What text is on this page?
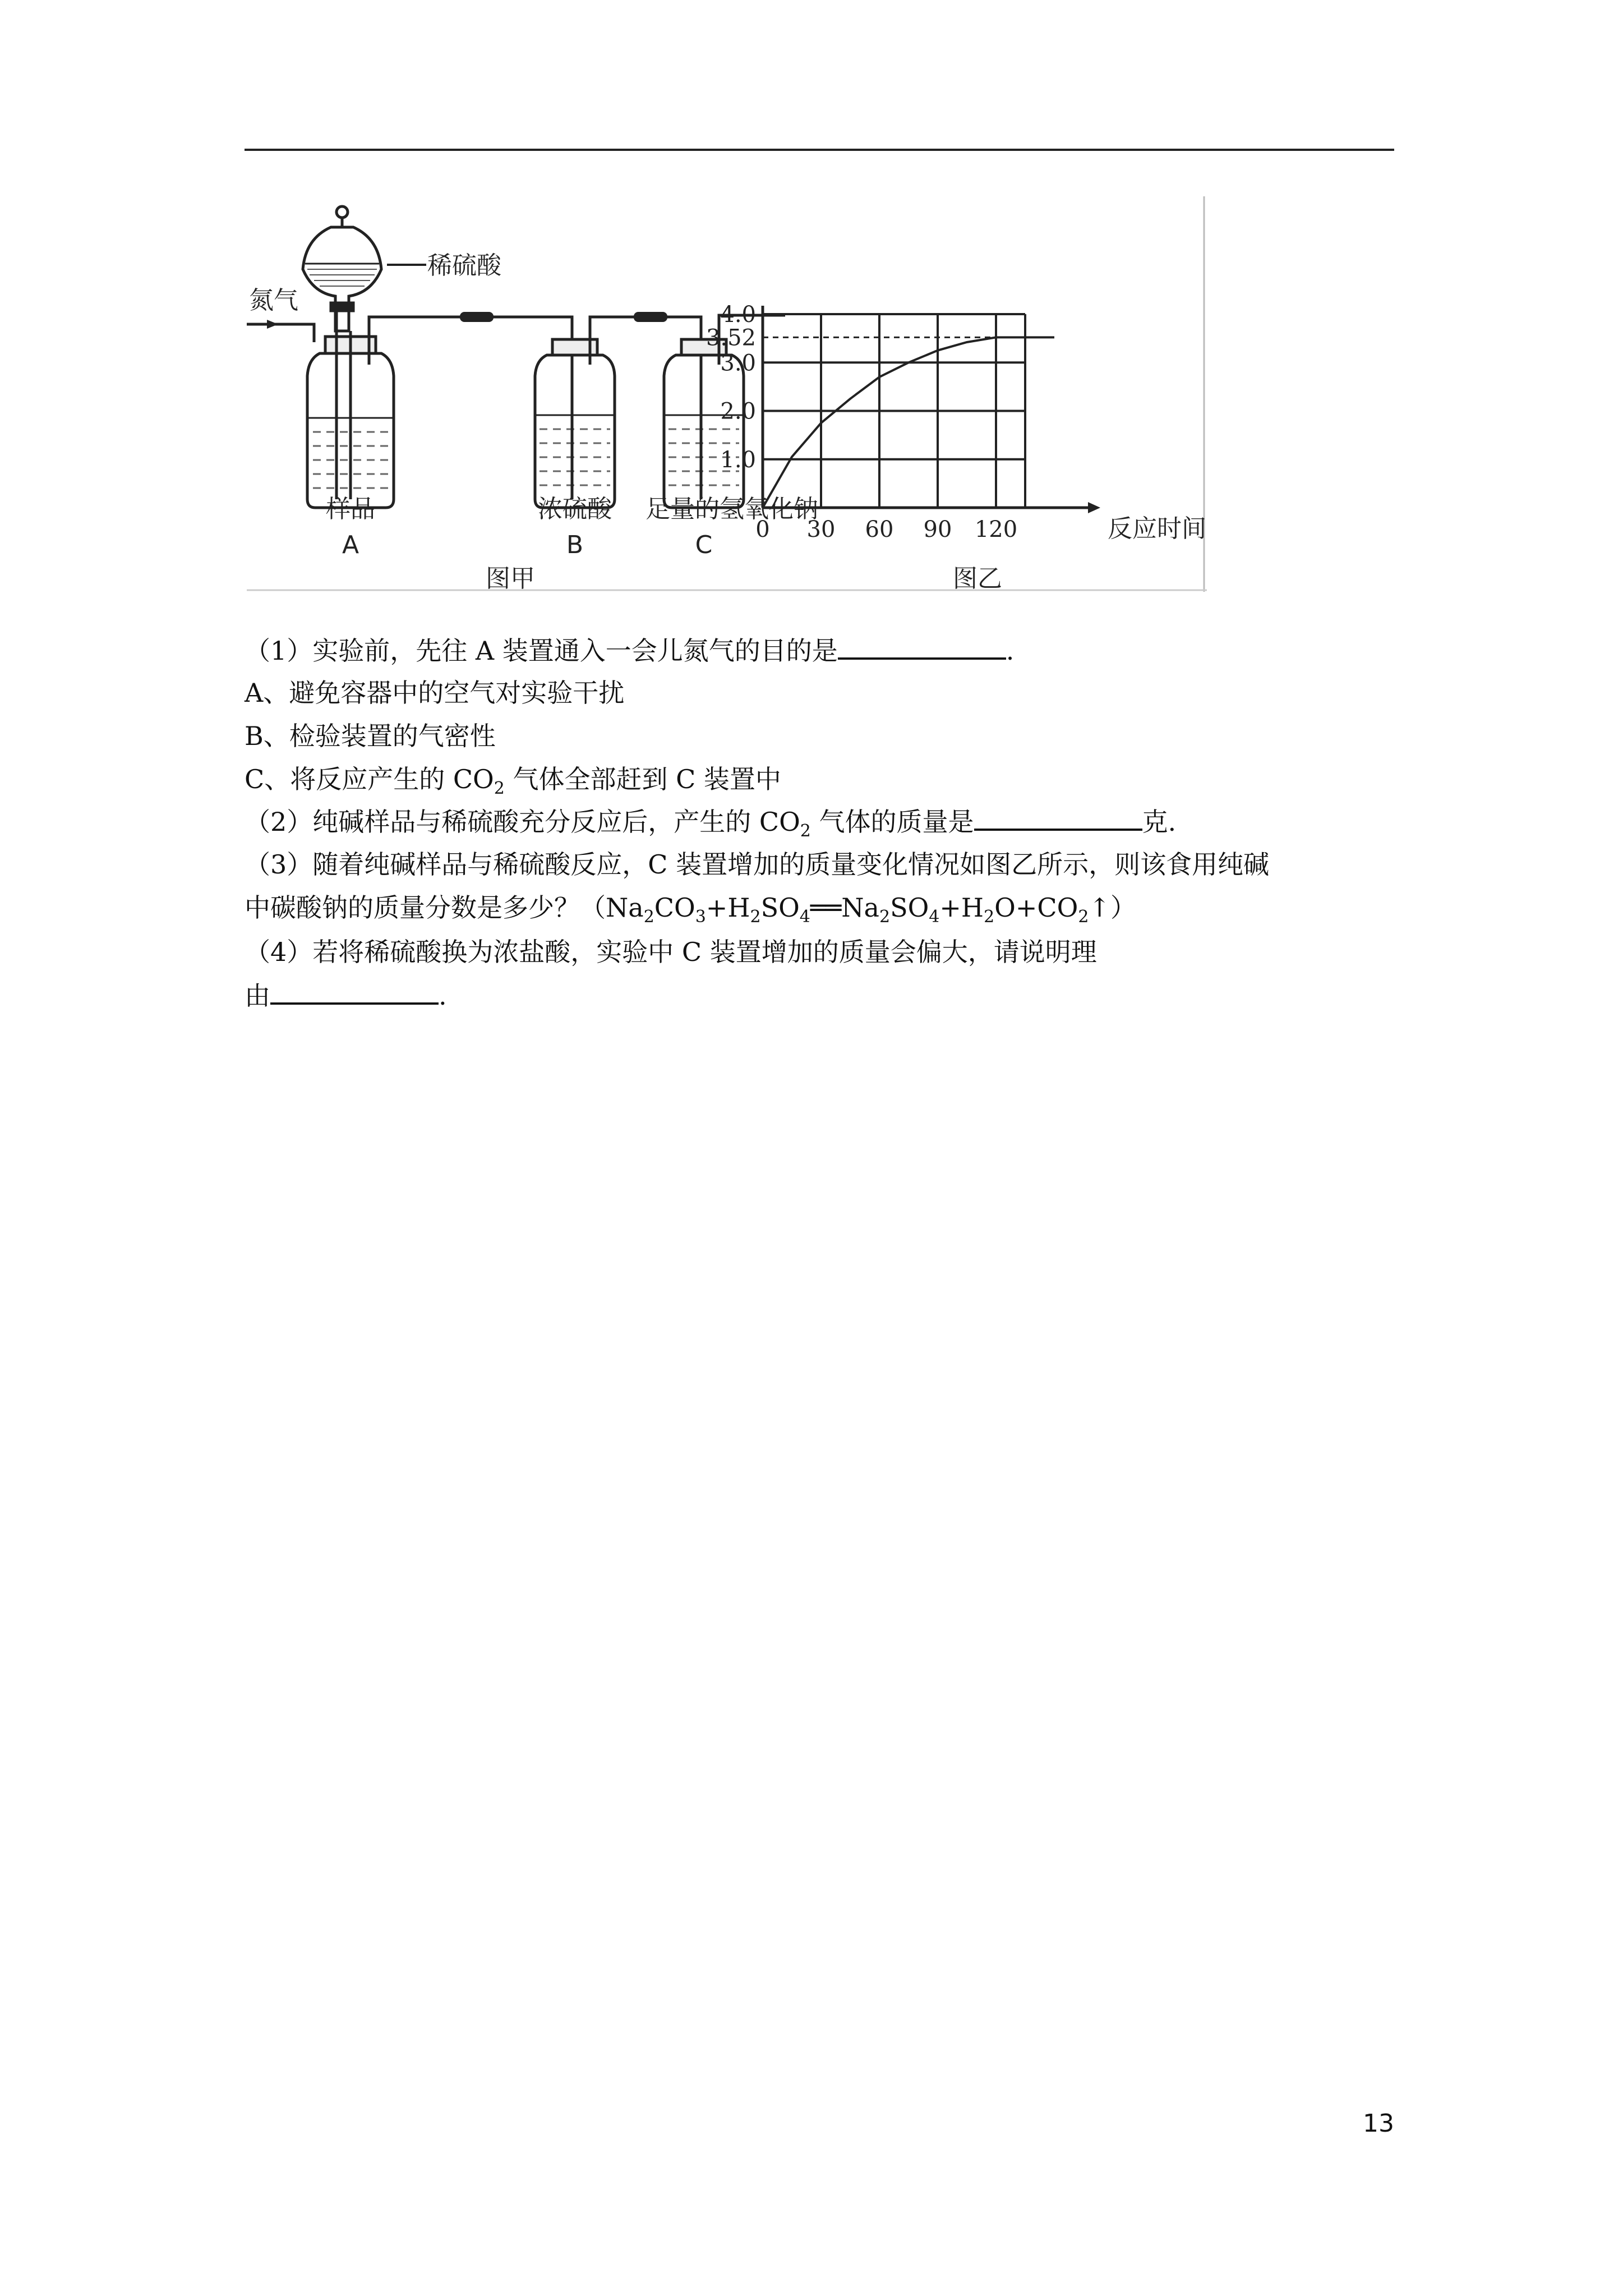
稀硫酸
氮气
样品
A
浓硫酸
B
足量的氢氧化钠
C
图甲	图乙
0 30 60 90 120
1.0
2.0
3.0
3.52
4.0
反应时间
（1）实验前，先往 A 装置通入一会儿氮气的目的是	.
A、避免容器中的空气对实验干扰
B、检验装置的气密性
C、将反应产生的 $CO_2$ 气体全部赶到 C 装置中
（2）纯碱样品与稀硫酸充分反应后，产生的 $CO_2$ 气体的质量是	克.
（3）随着纯碱样品与稀硫酸反应，C 装置增加的质量变化情况如图乙所示，则该食用纯碱
中碳酸钠的质量分数是多少？$(Na_2CO_3+H_2SO_4══Na_2SO_4+H_2O+CO_2↑)$
（4）若将稀硫酸换为浓盐酸，实验中 C 装置增加的质量会偏大，请说明理
由	.
13
